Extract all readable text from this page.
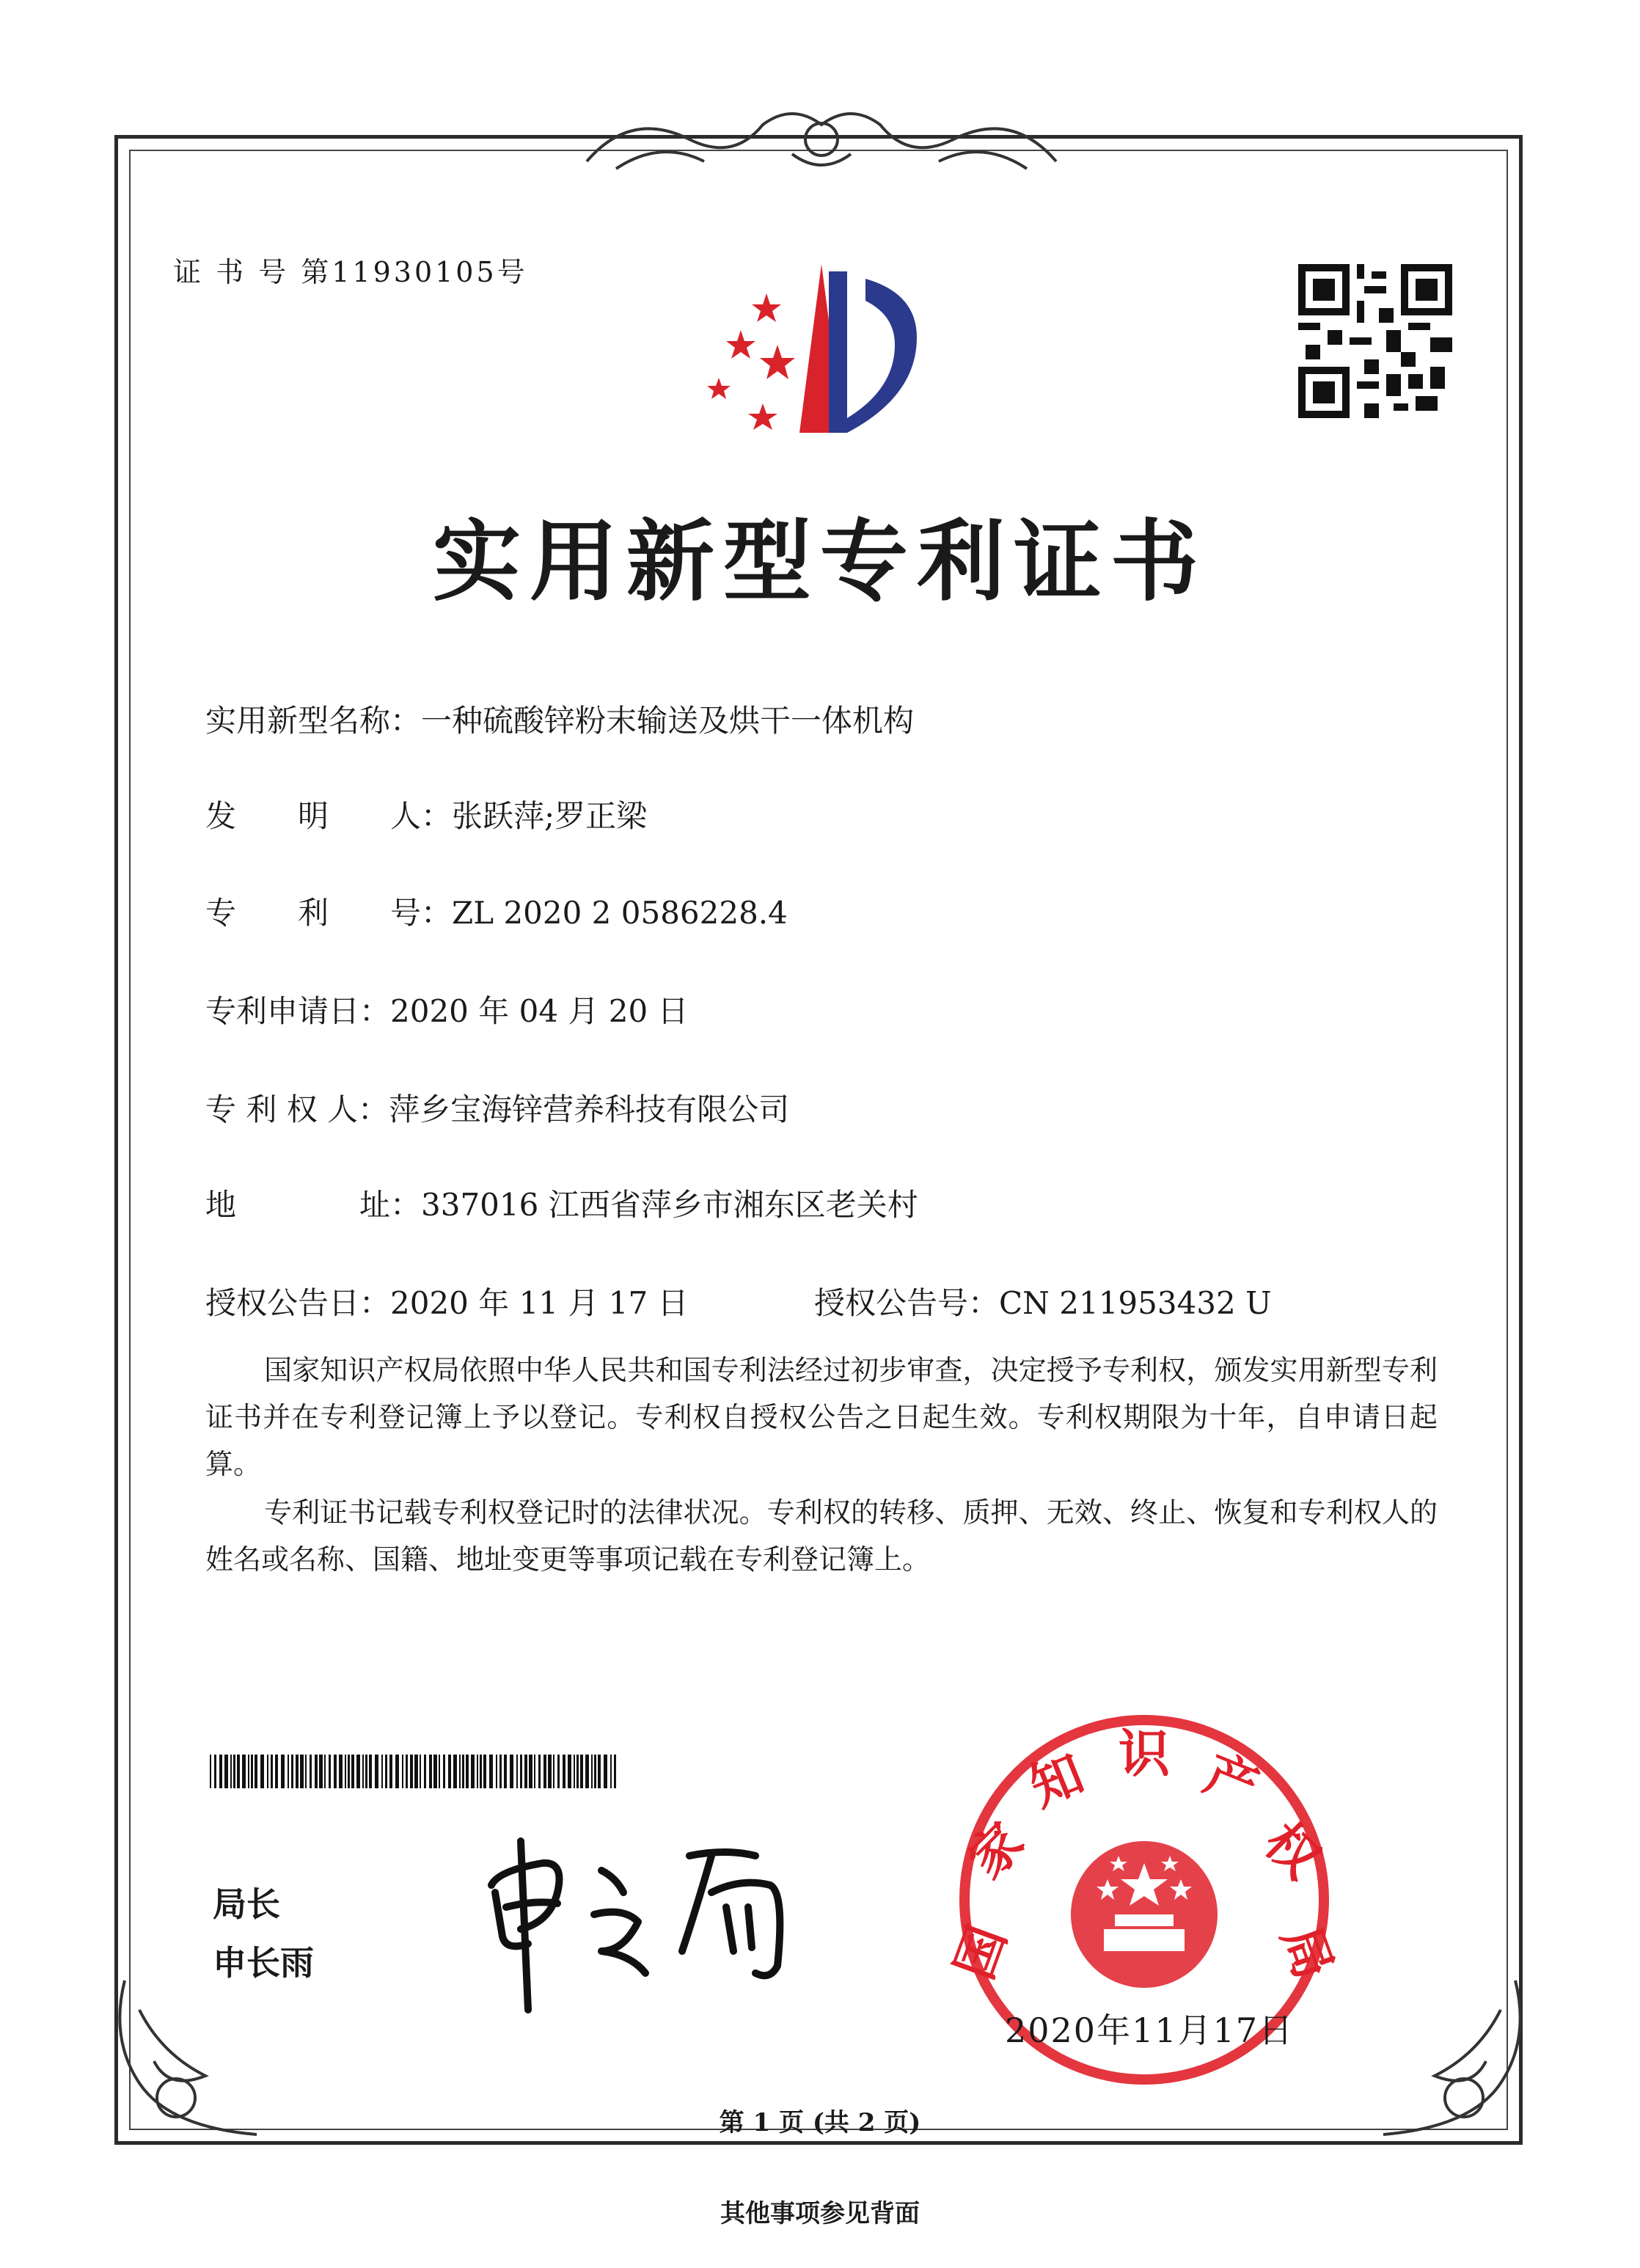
证 书 号 第11930105号
实用新型专利证书
实用新型名称：一种硫酸锌粉末输送及烘干一体机构
发　　明　　人：张跃萍;罗正梁
专　　利　　号：ZL 2020 2 0586228.4
专利申请日：2020 年 04 月 20 日
专 利 权 人：萍乡宝海锌营养科技有限公司
地　　　　址：337016 江西省萍乡市湘东区老关村
授权公告日：2020 年 11 月 17 日	授权公告号：CN 211953432 U
国家知识产权局依照中华人民共和国专利法经过初步审查，决定授予专利权，颁发实用新型专利证书并在专利登记簿上予以登记。专利权自授权公告之日起生效。专利权期限为十年，自申请日起算。
专利证书记载专利权登记时的法律状况。专利权的转移、质押、无效、终止、恢复和专利权人的姓名或名称、国籍、地址变更等事项记载在专利登记簿上。
局长
申长雨	国
家
知 识 产
权
局
2020年11月17日
第 1 页 (共 2 页)
其他事项参见背面
